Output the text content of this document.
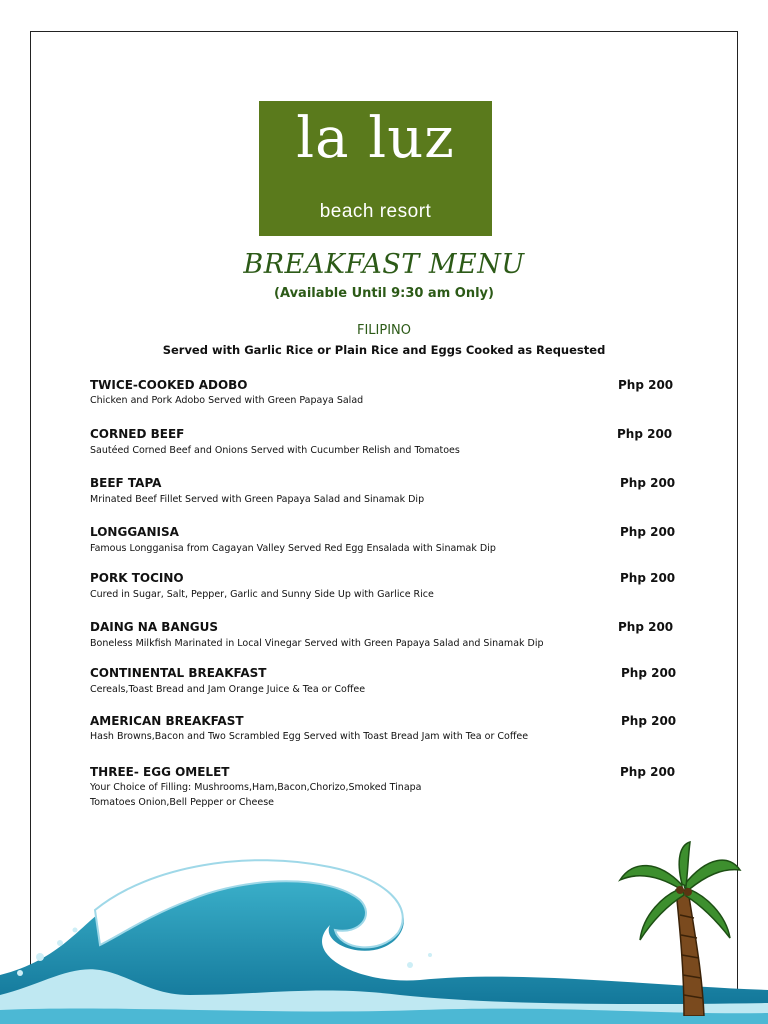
la luz
beach resort
BREAKFAST MENU
(Available Until 9:30 am Only)
FILIPINO
Served with Garlic Rice or Plain Rice and Eggs Cooked as Requested
TWICE-COOKED ADOBO	Php 200
Chicken and Pork Adobo Served with Green Papaya Salad
CORNED BEEF	Php 200
Sautéed Corned Beef and Onions Served with Cucumber Relish and Tomatoes
BEEF TAPA	Php 200
Mrinated Beef Fillet Served with Green Papaya Salad and Sinamak Dip
LONGGANISA	Php 200
Famous Longganisa from Cagayan Valley Served Red Egg Ensalada with Sinamak Dip
PORK TOCINO	Php 200
Cured in Sugar, Salt, Pepper, Garlic and Sunny Side Up with Garlice Rice
DAING NA BANGUS	Php 200
Boneless Milkfish Marinated in Local Vinegar Served with Green Papaya Salad and Sinamak Dip
CONTINENTAL BREAKFAST	Php 200
Cereals,Toast Bread and Jam Orange Juice & Tea or Coffee
AMERICAN BREAKFAST	Php 200
Hash Browns,Bacon and Two Scrambled Egg Served with Toast Bread Jam with Tea or Coffee
THREE- EGG OMELET	Php 200
Your Choice of Filling: Mushrooms,Ham,Bacon,Chorizo,Smoked Tinapa
Tomatoes Onion,Bell Pepper or Cheese
